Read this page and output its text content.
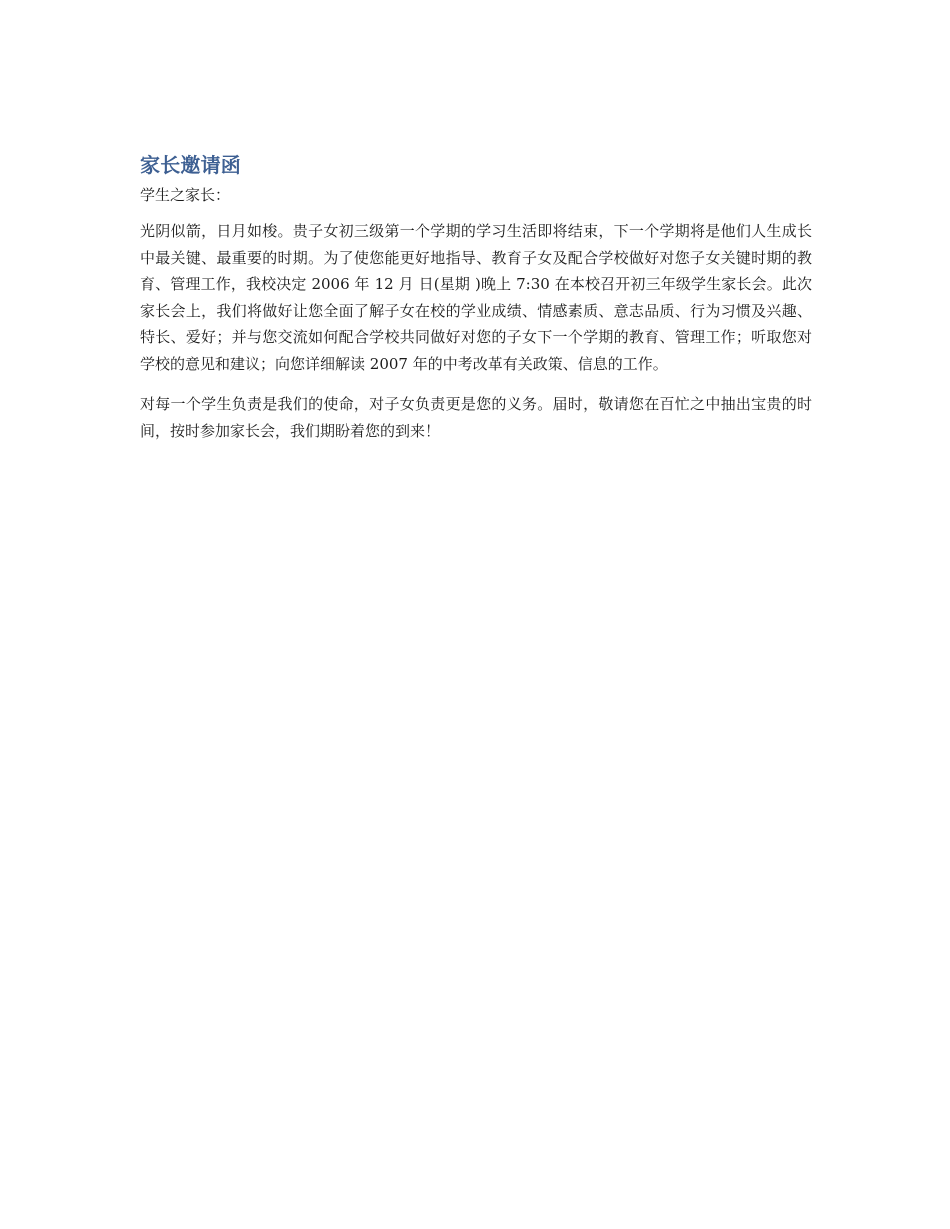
家长邀请函

学生之家长：

光阴似箭，日月如梭。贵子女初三级第一个学期的学习生活即将结束，下一个学期将是他们人生成长中最关键、最重要的时期。为了使您能更好地指导、教育子女及配合学校做好对您子女关键时期的教育、管理工作，我校决定 2006 年 12 月 日(星期 )晚上 7:30 在本校召开初三年级学生家长会。此次家长会上，我们将做好让您全面了解子女在校的学业成绩、情感素质、意志品质、行为习惯及兴趣、特长、爱好；并与您交流如何配合学校共同做好对您的子女下一个学期的教育、管理工作；听取您对学校的意见和建议；向您详细解读 2007 年的中考改革有关政策、信息的工作。

对每一个学生负责是我们的使命，对子女负责更是您的义务。届时，敬请您在百忙之中抽出宝贵的时间，按时参加家长会，我们期盼着您的到来！
